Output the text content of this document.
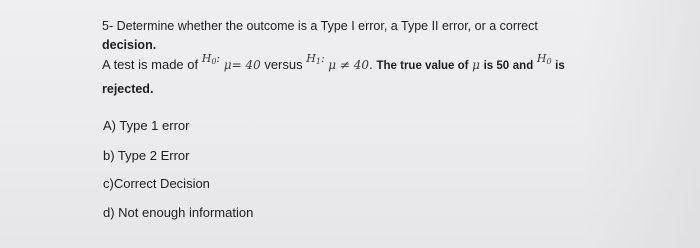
5- Determine whether the outcome is a Type I error, a Type II error, or a correct
decision.
A test is made of $^{H0:}$ μ= 40 versus $^{H1:}$ μ ≠ 40. The true value of μ is 50 and $^{H0}$ is
rejected.
A) Type 1 error
b) Type 2 Error
c)Correct Decision
d) Not enough information
